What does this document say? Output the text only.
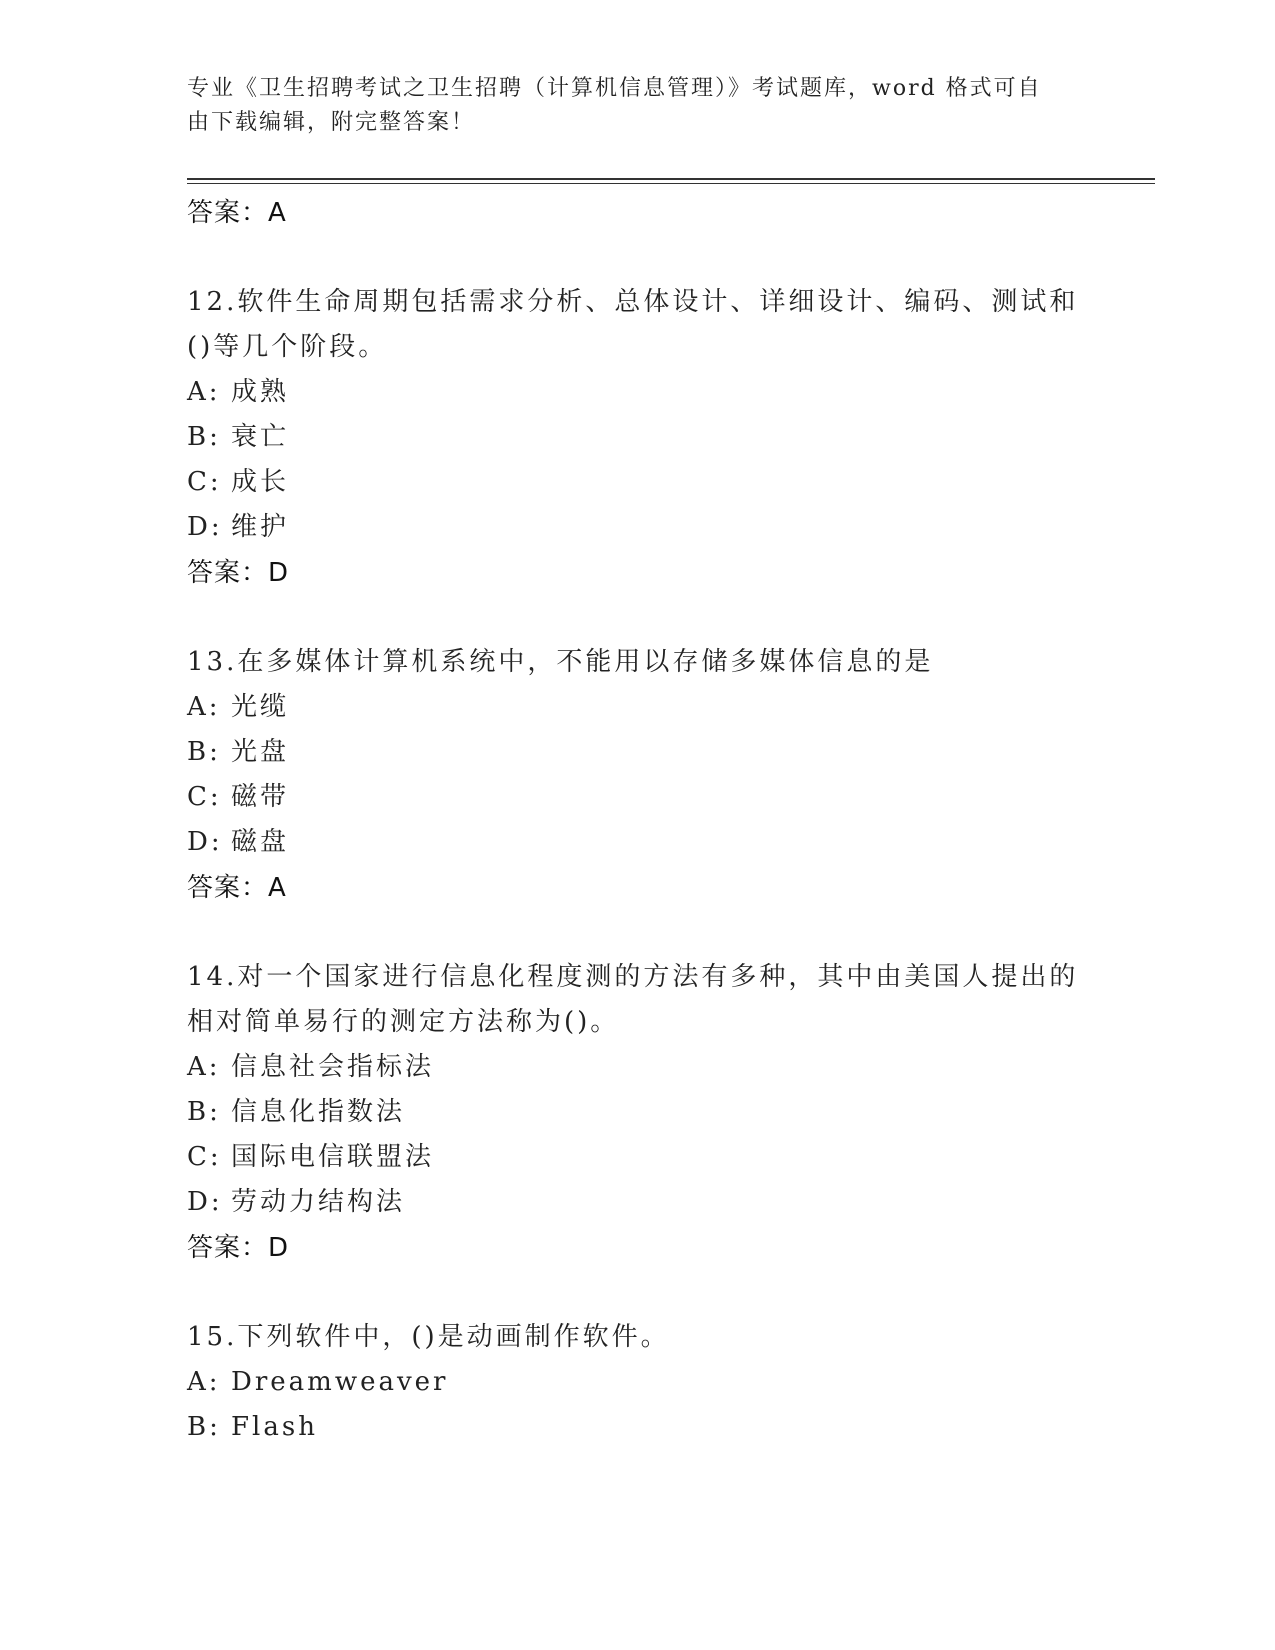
专业《卫生招聘考试之卫生招聘（计算机信息管理）》考试题库，word 格式可自
由下载编辑，附完整答案！
答案：A
12.软件生命周期包括需求分析、总体设计、详细设计、编码、测试和
()等几个阶段。
A: 成熟
B: 衰亡
C: 成长
D: 维护
答案：D
13.在多媒体计算机系统中，不能用以存储多媒体信息的是
A: 光缆
B: 光盘
C: 磁带
D: 磁盘
答案：A
14.对一个国家进行信息化程度测的方法有多种，其中由美国人提出的
相对简单易行的测定方法称为()。
A: 信息社会指标法
B: 信息化指数法
C: 国际电信联盟法
D: 劳动力结构法
答案：D
15.下列软件中，()是动画制作软件。
A: Dreamweaver
B: Flash
